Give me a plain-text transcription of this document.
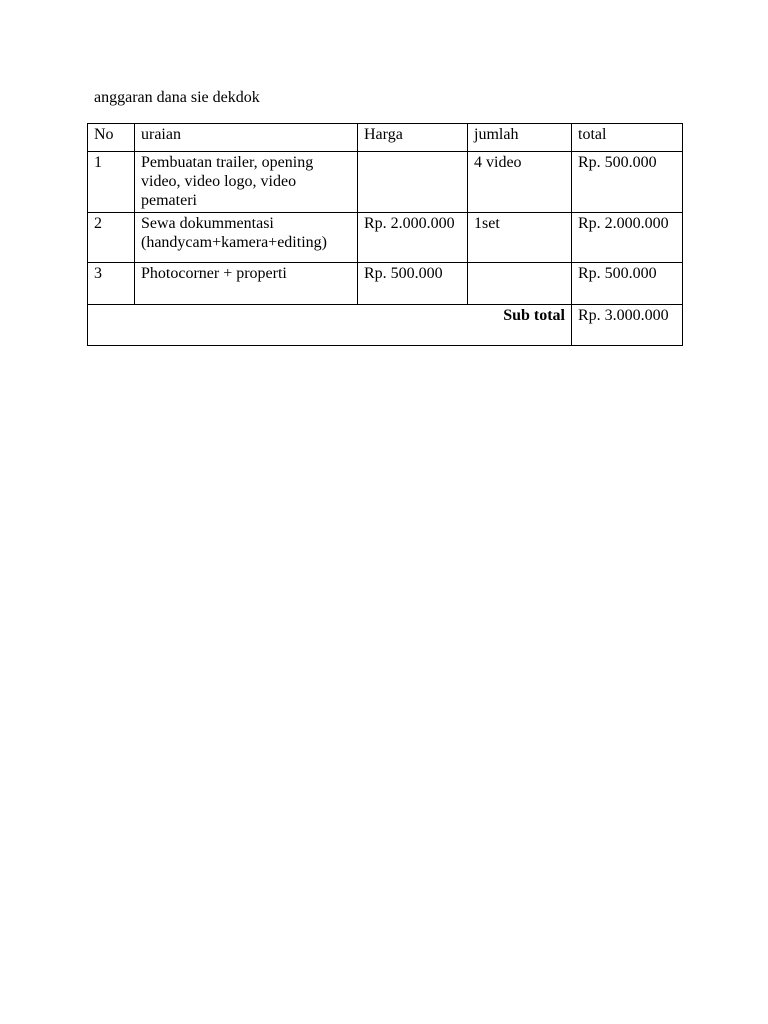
anggaran dana sie dekdok
No	uraian	Harga	jumlah	total
1	Pembuatan trailer, opening video, video logo, video pemateri		4 video	Rp. 500.000
2	Sewa dokummentasi (handycam+kamera+editing)	Rp. 2.000.000	1set	Rp. 2.000.000
3	Photocorner + properti	Rp. 500.000		Rp. 500.000
Sub total				Rp. 3.000.000
